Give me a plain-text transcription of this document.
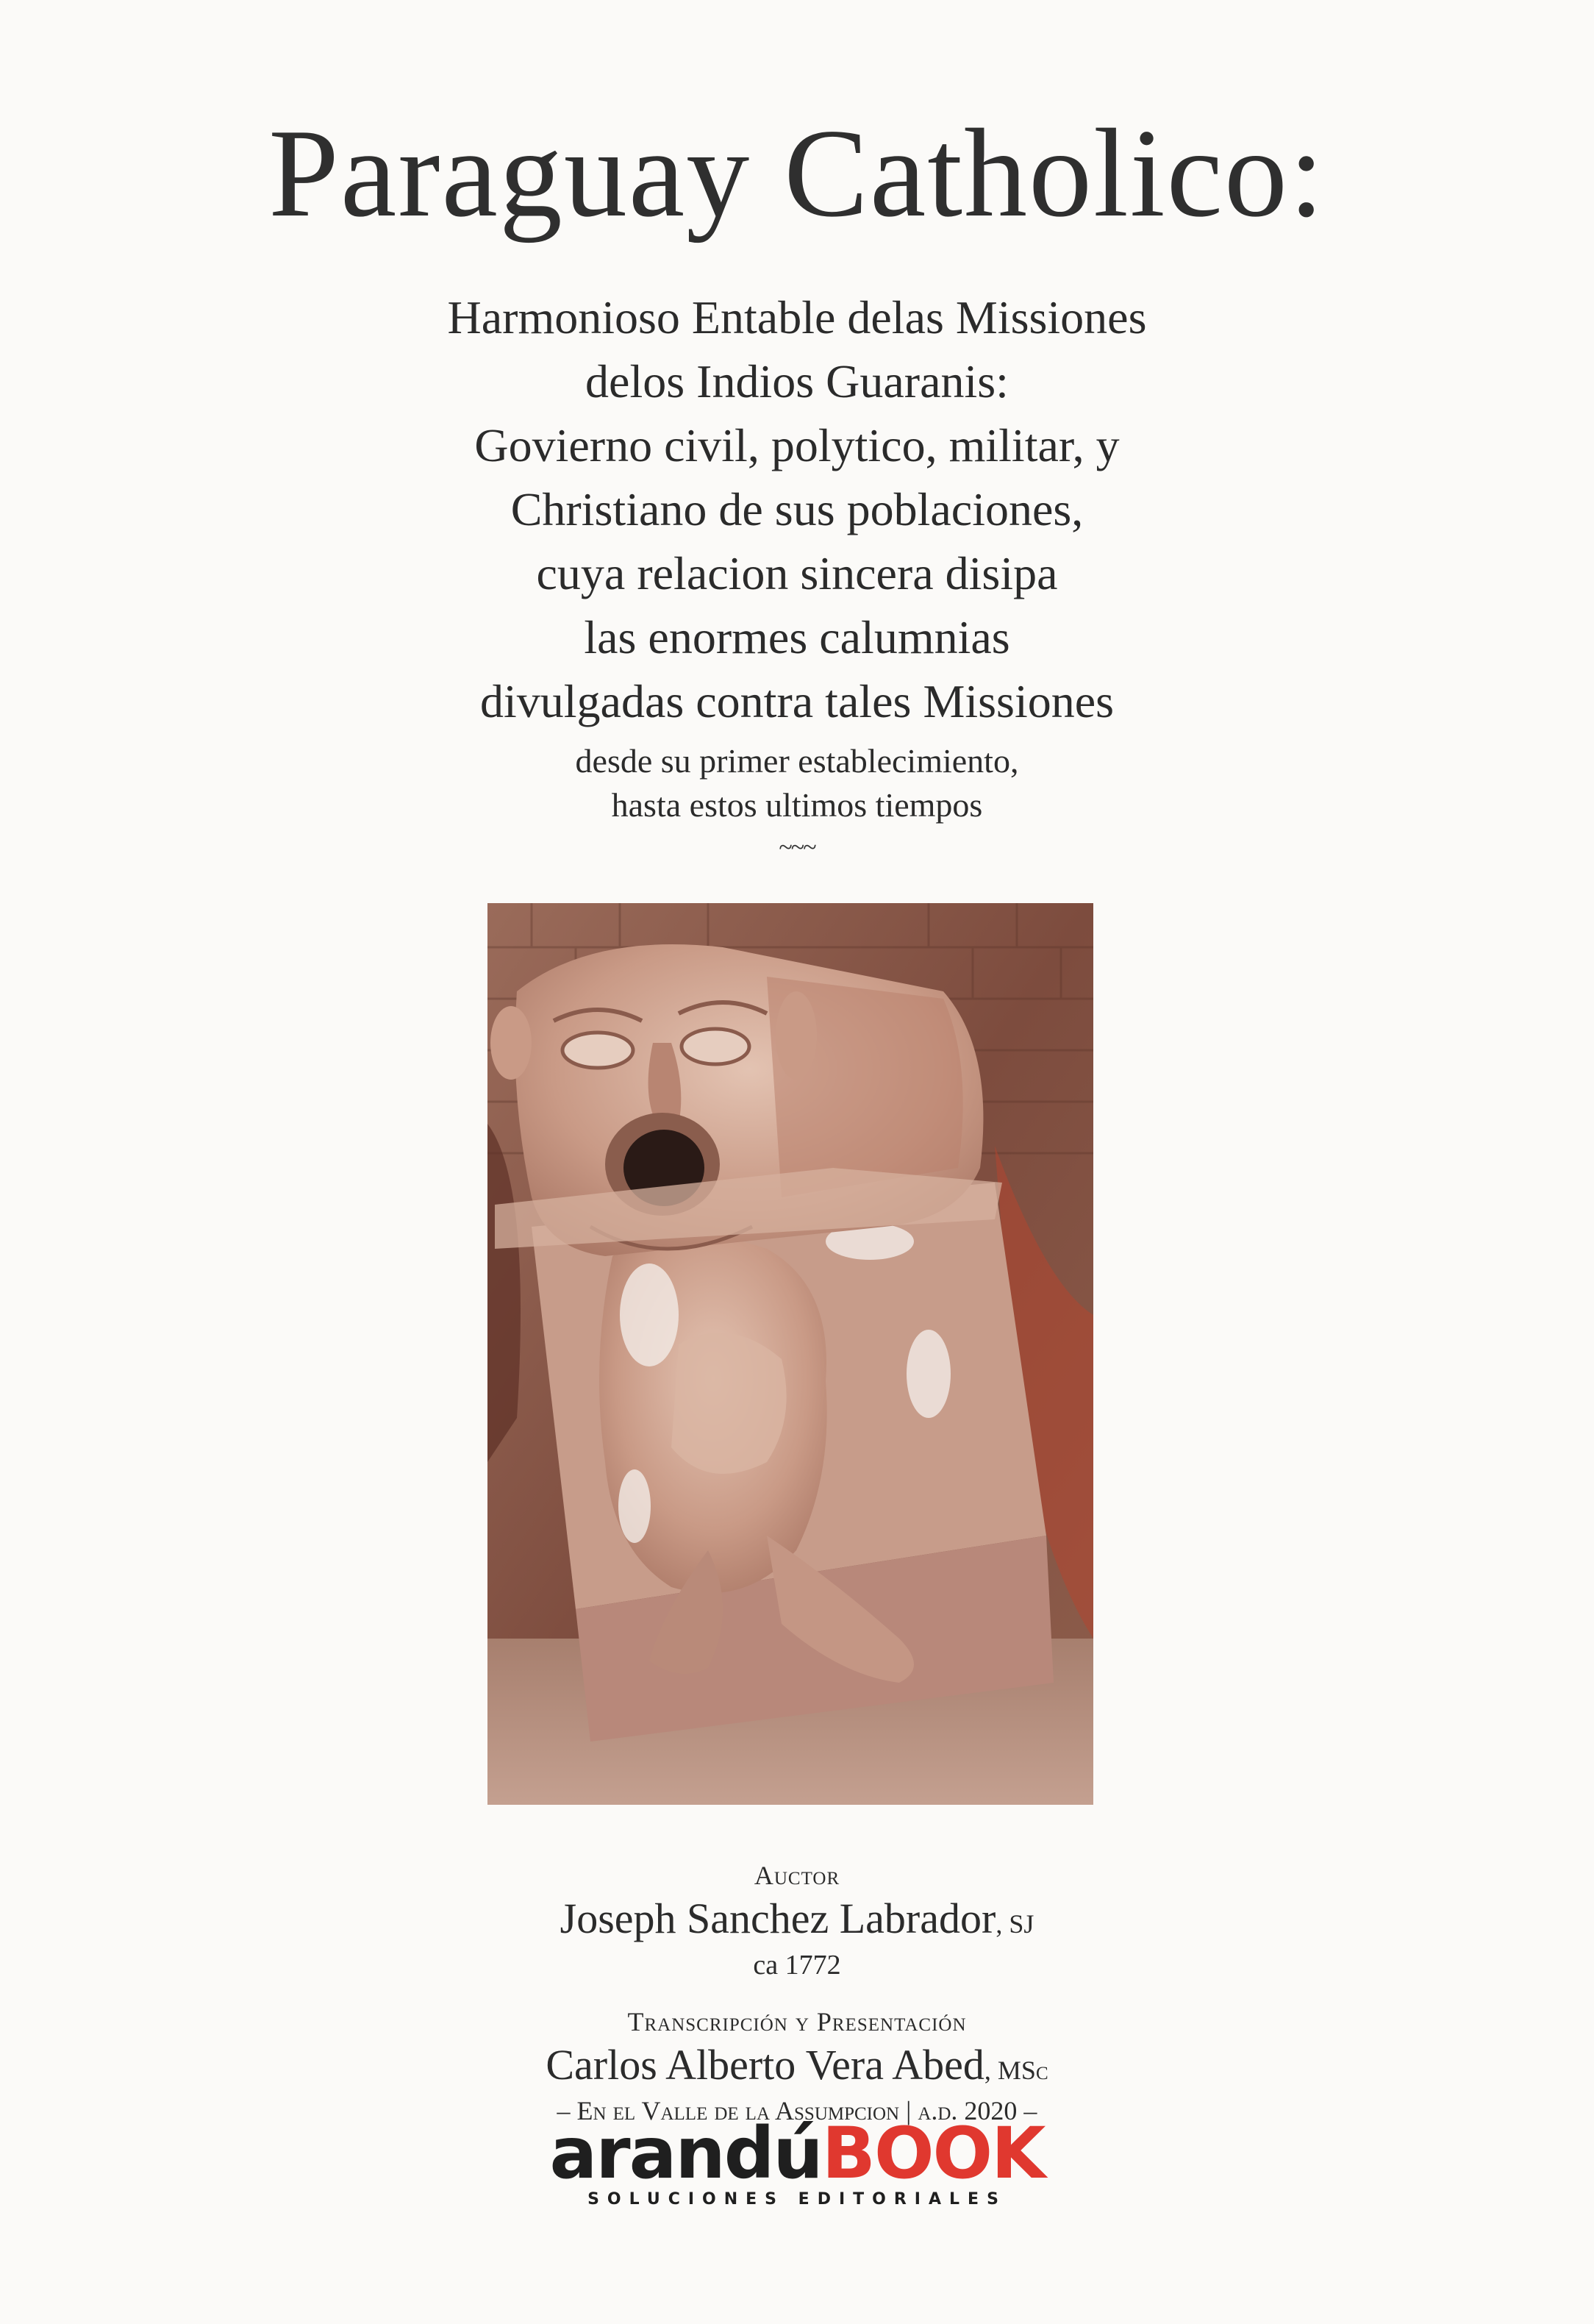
Paraguay Catholico:
Harmonioso Entable delas Missiones
delos Indios Guaranis:
Govierno civil, polytico, militar, y
Christiano de sus poblaciones,
cuya relacion sincera disipa
las enormes calumnias
divulgadas contra tales Missiones
desde su primer establecimiento,
hasta estos ultimos tiempos
~~~
Auctor
Joseph Sanchez Labrador, SJ
ca 1772
Transcripción y Presentación
Carlos Alberto Vera Abed, MSc
– En el Valle de la Assumpcion | a.d. 2020 –
arandúBOOK
SOLUCIONES EDITORIALES
